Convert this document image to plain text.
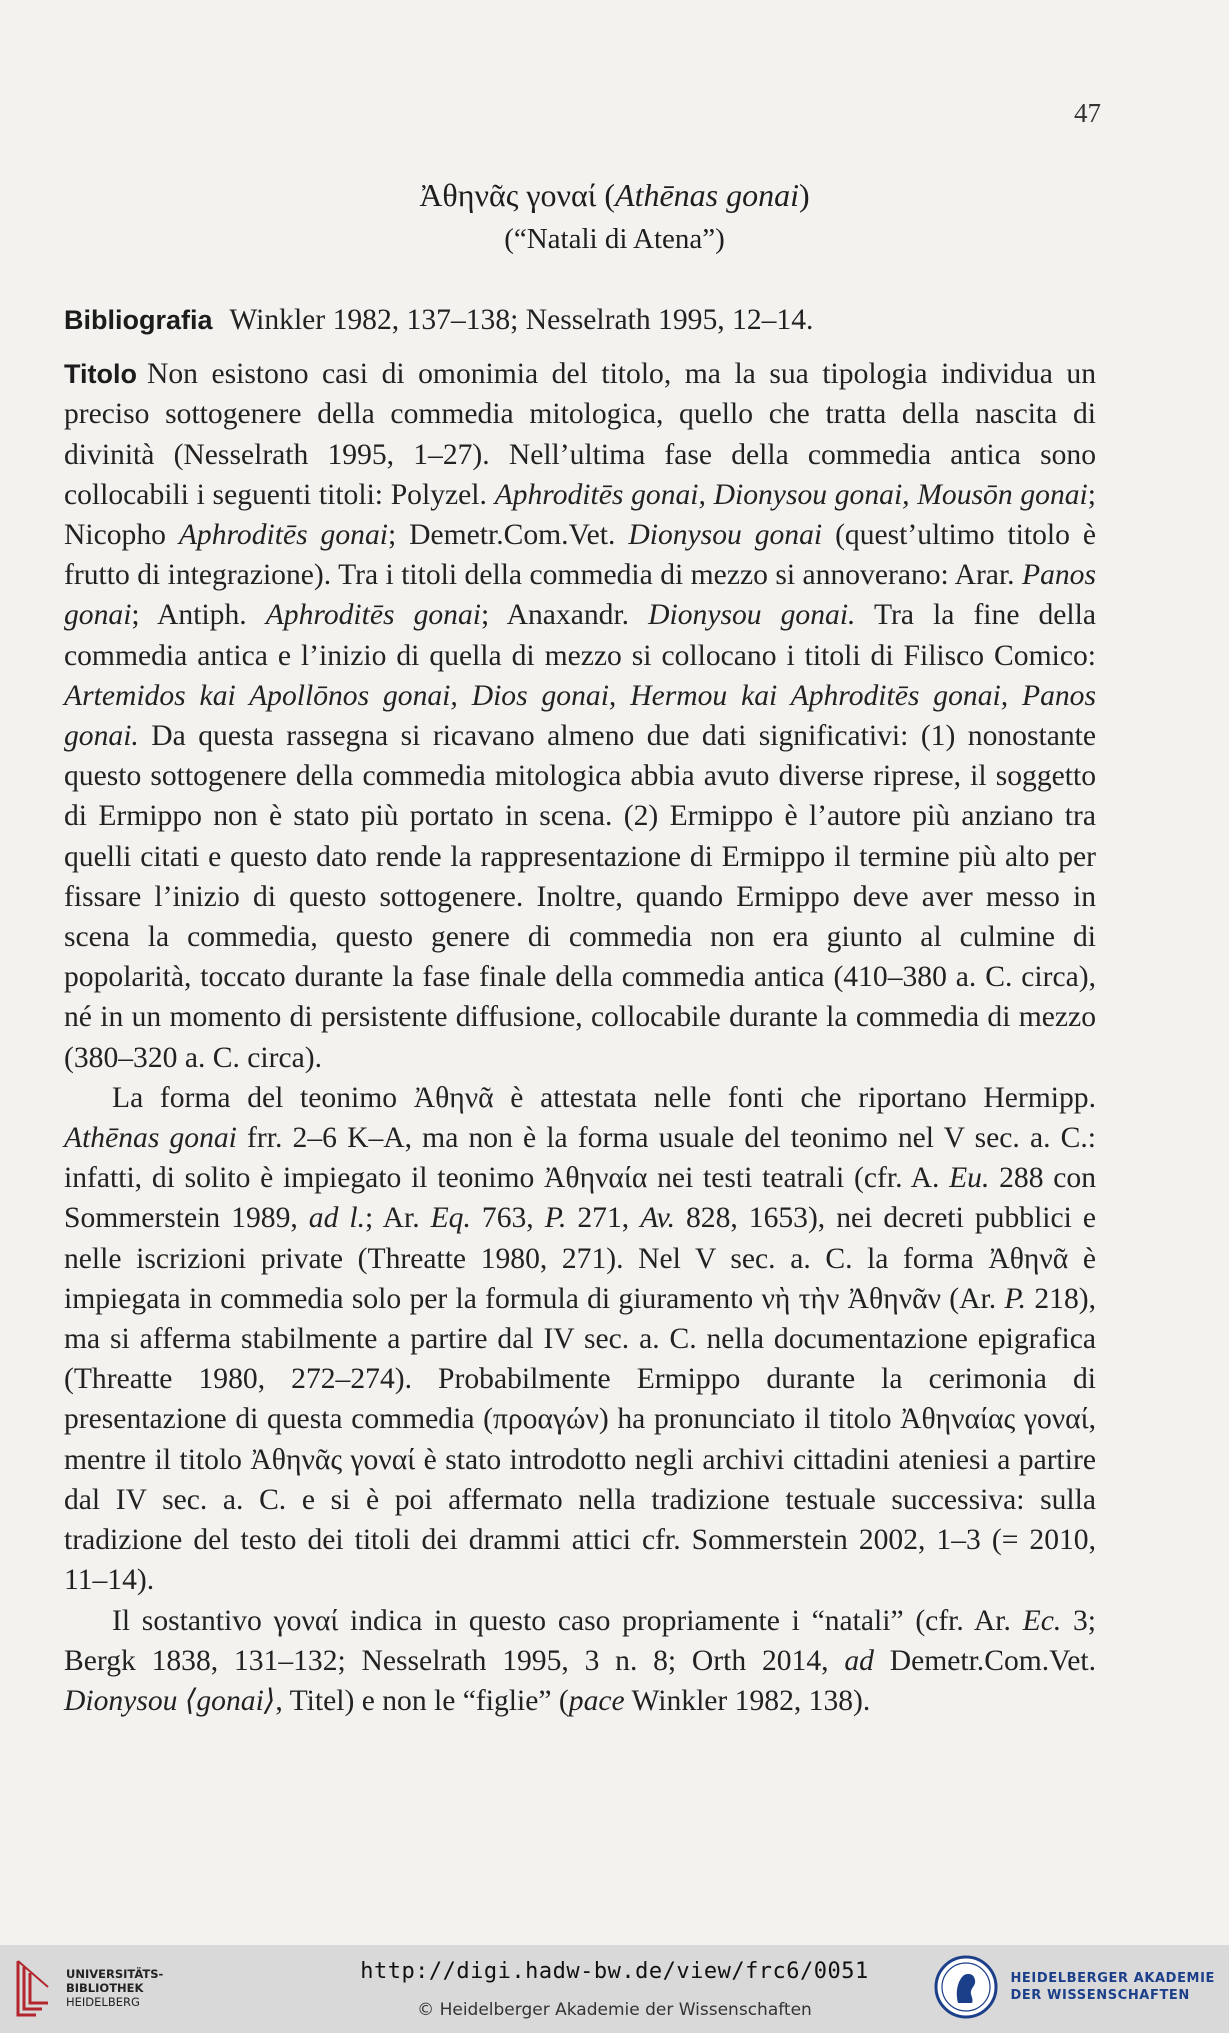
47
Ἀθηνᾶς γοναί (Athēnas gonai)
(“Natali di Atena”)

Bibliografia Winkler 1982, 137–138; Nesselrath 1995, 12–14.

Titolo Non esistono casi di omonimia del titolo, ma la sua tipologia individua un preciso sottogenere della commedia mitologica, quello che tratta della nascita di divinità (Nesselrath 1995, 1–27). Nell’ultima fase della commedia antica sono collocabili i seguenti titoli: Polyzel. Aphroditēs gonai, Dionysou gonai, Mousōn gonai; Nicopho Aphroditēs gonai; Demetr.Com.Vet. Dionysou gonai (quest’ultimo titolo è frutto di integrazione). Tra i titoli della commedia di mezzo si annoverano: Arar. Panos gonai; Antiph. Aphroditēs gonai; Anaxandr. Dionysou gonai. Tra la fine della commedia antica e l’inizio di quella di mezzo si collocano i titoli di Filisco Comico: Artemidos kai Apollōnos gonai, Dios gonai, Hermou kai Aphroditēs gonai, Panos gonai. Da questa rassegna si ricavano almeno due dati significativi: (1) nonostante questo sottogenere della commedia mitologica abbia avuto diverse riprese, il soggetto di Ermippo non è stato più portato in scena. (2) Ermippo è l’autore più anziano tra quelli citati e questo dato rende la rappresentazione di Ermippo il termine più alto per fissare l’inizio di questo sottogenere. Inoltre, quando Ermippo deve aver messo in scena la commedia, questo genere di commedia non era giunto al culmine di popolarità, toccato durante la fase finale della commedia antica (410–380 a. C. circa), né in un momento di persistente diffusione, collocabile durante la commedia di mezzo (380–320 a. C. circa).

La forma del teonimo Ἀθηνᾶ è attestata nelle fonti che riportano Hermipp. Athēnas gonai frr. 2–6 K–A, ma non è la forma usuale del teonimo nel V sec. a. C.: infatti, di solito è impiegato il teonimo Ἀθηναία nei testi teatrali (cfr. A. Eu. 288 con Sommerstein 1989, ad l.; Ar. Eq. 763, P. 271, Av. 828, 1653), nei decreti pubblici e nelle iscrizioni private (Threatte 1980, 271). Nel V sec. a. C. la forma Ἀθηνᾶ è impiegata in commedia solo per la formula di giuramento νὴ τὴν Ἀθηνᾶν (Ar. P. 218), ma si afferma stabilmente a partire dal IV sec. a. C. nella documentazione epigrafica (Threatte 1980, 272–274). Probabilmente Ermippo durante la cerimonia di presentazione di questa commedia (προαγών) ha pronunciato il titolo Ἀθηναίας γοναί, mentre il titolo Ἀθηνᾶς γοναί è stato introdotto negli archivi cittadini ateniesi a partire dal IV sec. a. C. e si è poi affermato nella tradizione testuale successiva: sulla tradizione del testo dei titoli dei drammi attici cfr. Sommerstein 2002, 1–3 (= 2010, 11–14).

Il sostantivo γοναί indica in questo caso propriamente i “natali” (cfr. Ar. Ec. 3; Bergk 1838, 131–132; Nesselrath 1995, 3 n. 8; Orth 2014, ad Demetr.Com.Vet. Dionysou ⟨gonai⟩, Titel) e non le “figlie” (pace Winkler 1982, 138).

UNIVERSITÄTS-
BIBLIOTHEK
HEIDELBERG
http://digi.hadw-bw.de/view/frc6/0051
© Heidelberger Akademie der Wissenschaften
HEIDELBERGER AKADEMIE
DER WISSENSCHAFTEN
